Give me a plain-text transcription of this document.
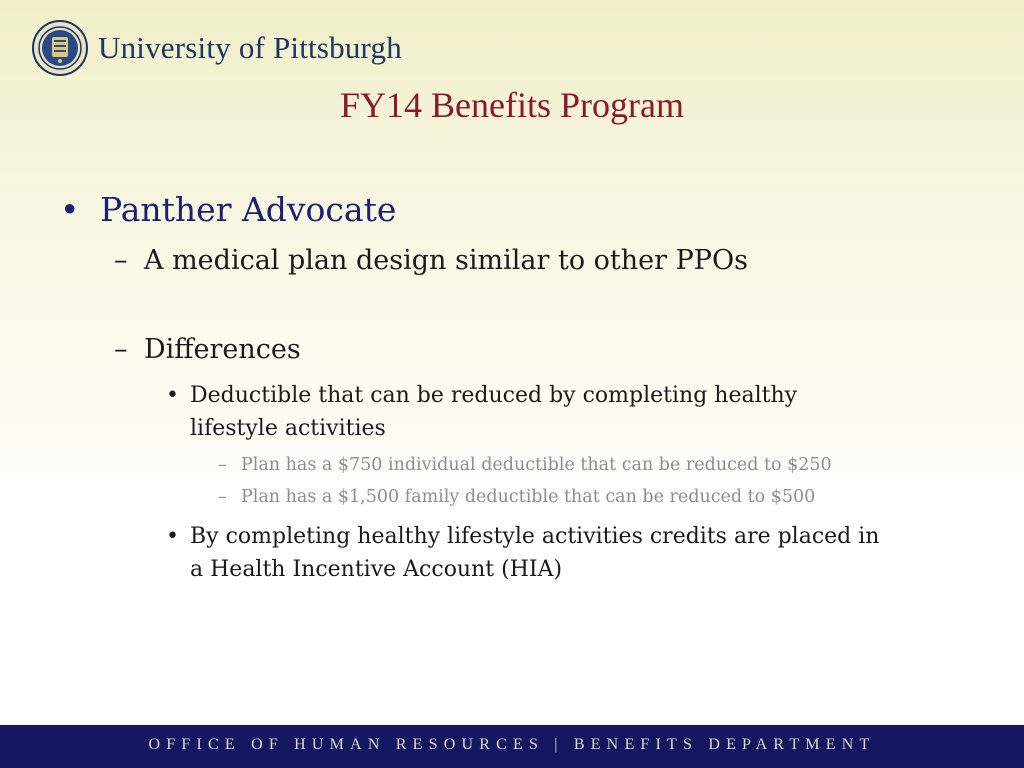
University of Pittsburgh
FY14 Benefits Program
• Panther Advocate
– A medical plan design similar to other PPOs
– Differences
• Deductible that can be reduced by completing healthy
lifestyle activities
– Plan has a $750 individual deductible that can be reduced to $250
– Plan has a $1,500 family deductible that can be reduced to $500
• By completing healthy lifestyle activities credits are placed in
a Health Incentive Account (HIA)
OFFICE OF HUMAN RESOURCES | BENEFITS DEPARTMENT
